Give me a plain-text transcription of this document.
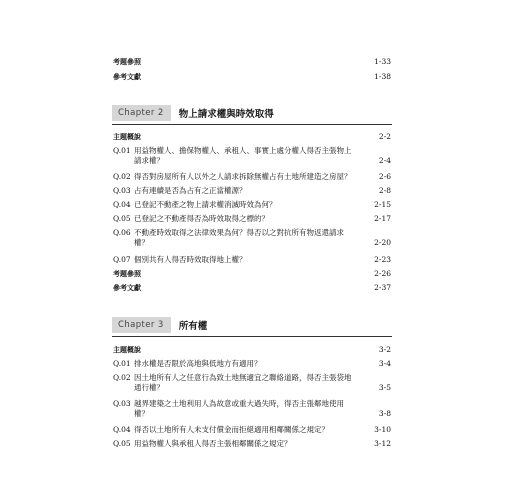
考題參照	1-33
參考文獻	1-38
Chapter 2	物上請求權與時效取得
主題概說	2-2
Q.01 用益物權人、擔保物權人、承租人、事實上處分權人得否主張物上
請求權？	2-4
Q.02 得否對房屋所有人以外之人請求拆除無權占有土地所建造之房屋？	2-6
Q.03 占有連續是否為占有之正當權源？	2-8
Q.04 已登記不動產之物上請求權消滅時效為何？	2-15
Q.05 已登記之不動產得否為時效取得之標的？	2-17
Q.06 不動產時效取得之法律效果為何？得否以之對抗所有物返還請求
權？	2-20
Q.07 個別共有人得否時效取得地上權？	2-23
考題參照	2-26
參考文獻	2-37
Chapter 3	所有權
主題概說	3-2
Q.01 排水權是否限於高地與低地方有適用？	3-4
Q.02 因土地所有人之任意行為致土地無適宜之聯絡道路，得否主張袋地
通行權？	3-5
Q.03 越界建築之土地利用人為故意或重大過失時，得否主張鄰地使用
權？	3-8
Q.04 得否以土地所有人未支付償金而拒絕適用相鄰關係之規定？	3-10
Q.05 用益物權人與承租人得否主張相鄰關係之規定？	3-12
